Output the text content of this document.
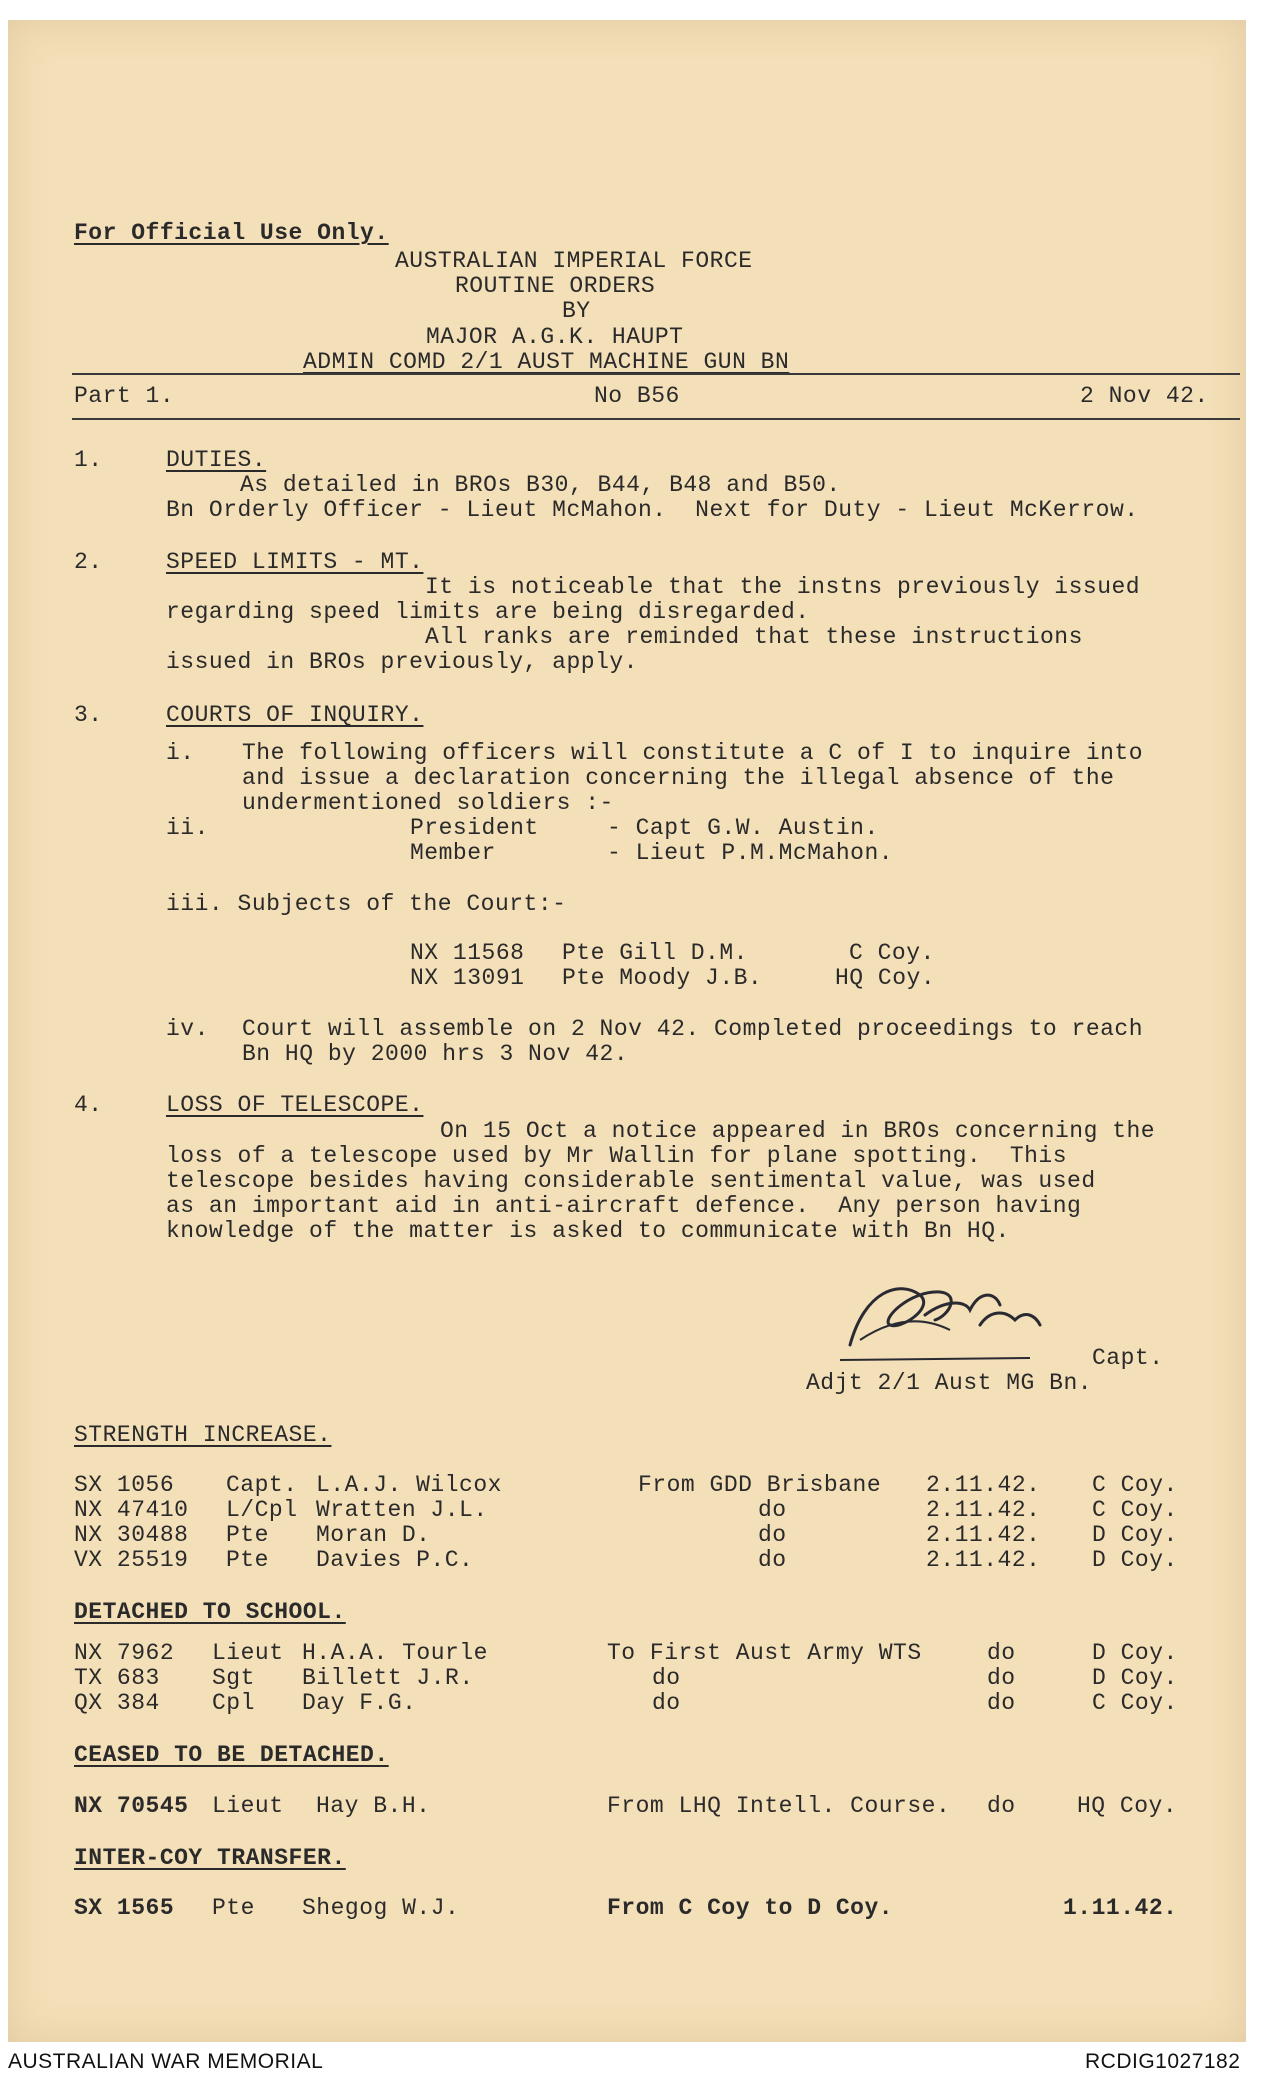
For Official Use Only.
AUSTRALIAN IMPERIAL FORCE
ROUTINE ORDERS
BY
MAJOR A.G.K. HAUPT
ADMIN COMD 2/1 AUST MACHINE GUN BN
Part 1.	No B56	2 Nov 42.
1.	DUTIES.
As detailed in BROs B30, B44, B48 and B50.
Bn Orderly Officer - Lieut McMahon.  Next for Duty - Lieut McKerrow.
2.	SPEED LIMITS - MT.
It is noticeable that the instns previously issued
regarding speed limits are being disregarded.
All ranks are reminded that these instructions
issued in BROs previously, apply.
3.	COURTS OF INQUIRY.
i. The following officers will constitute a C of I to inquire into
and issue a declaration concerning the illegal absence of the
undermentioned soldiers :-
ii.	President	- Capt G.W. Austin.
Member	- Lieut P.M.McMahon.
iii. Subjects of the Court:-
NX 11568 Pte Gill D.M.	C Coy.
NX 13091 Pte Moody J.B.	HQ Coy.
iv. Court will assemble on 2 Nov 42. Completed proceedings to reach
Bn HQ by 2000 hrs 3 Nov 42.
4.	LOSS OF TELESCOPE.
On 15 Oct a notice appeared in BROs concerning the
loss of a telescope used by Mr Wallin for plane spotting.  This
telescope besides having considerable sentimental value, was used
as an important aid in anti-aircraft defence.  Any person having
knowledge of the matter is asked to communicate with Bn HQ.
Capt.
Adjt 2/1 Aust MG Bn.
STRENGTH INCREASE.
SX 1056 Capt. L.A.J. Wilcox	From GDD Brisbane 2.11.42. C Coy.
NX 47410 L/Cpl Wratten J.L.	do	2.11.42. C Coy.
NX 30488 Pte Moran D.	do	2.11.42. D Coy.
VX 25519 Pte Davies P.C.	do	2.11.42. D Coy.
DETACHED TO SCHOOL.
NX 7962 Lieut H.A.A. Tourle	To First Aust Army WTS	do	D Coy.
TX 683 Sgt Billett J.R.	do	do	D Coy.
QX 384 Cpl Day F.G.	do	do	C Coy.
CEASED TO BE DETACHED.
NX 70545 Lieut Hay B.H.	From LHQ Intell. Course. do	HQ Coy.
INTER-COY TRANSFER.
SX 1565 Pte Shegog W.J.	From C Coy to D Coy.	1.11.42.
AUSTRALIAN WAR MEMORIAL	RCDIG1027182
